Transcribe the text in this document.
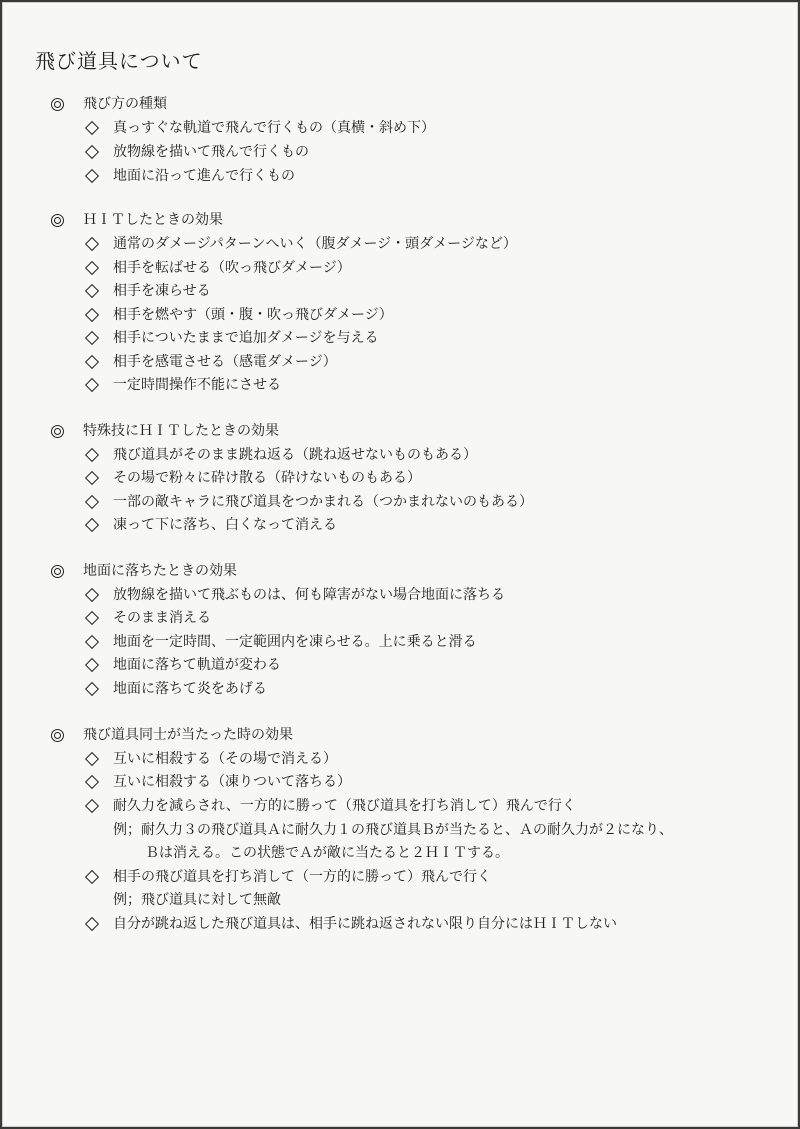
飛び道具について
飛び方の種類
真っすぐな軌道で飛んで行くもの（真横・斜め下）
放物線を描いて飛んで行くもの
地面に沿って進んで行くもの
ＨＩＴしたときの効果
通常のダメージパターンへいく（腹ダメージ・頭ダメージなど）
相手を転ばせる（吹っ飛びダメージ）
相手を凍らせる
相手を燃やす（頭・腹・吹っ飛びダメージ）
相手についたままで追加ダメージを与える
相手を感電させる（感電ダメージ）
一定時間操作不能にさせる
特殊技にＨＩＴしたときの効果
飛び道具がそのまま跳ね返る（跳ね返せないものもある）
その場で粉々に砕け散る（砕けないものもある）
一部の敵キャラに飛び道具をつかまれる（つかまれないのもある）
凍って下に落ち、白くなって消える
地面に落ちたときの効果
放物線を描いて飛ぶものは、何も障害がない場合地面に落ちる
そのまま消える
地面を一定時間、一定範囲内を凍らせる。上に乗ると滑る
地面に落ちて軌道が変わる
地面に落ちて炎をあげる
飛び道具同士が当たった時の効果
互いに相殺する（その場で消える）
互いに相殺する（凍りついて落ちる）
耐久力を減らされ、一方的に勝って（飛び道具を打ち消して）飛んで行く
例；耐久力３の飛び道具Ａに耐久力１の飛び道具Ｂが当たると、Ａの耐久力が２になり、
Ｂは消える。この状態でＡが敵に当たると２ＨＩＴする。
相手の飛び道具を打ち消して（一方的に勝って）飛んで行く
例；飛び道具に対して無敵
自分が跳ね返した飛び道具は、相手に跳ね返されない限り自分にはＨＩＴしない
